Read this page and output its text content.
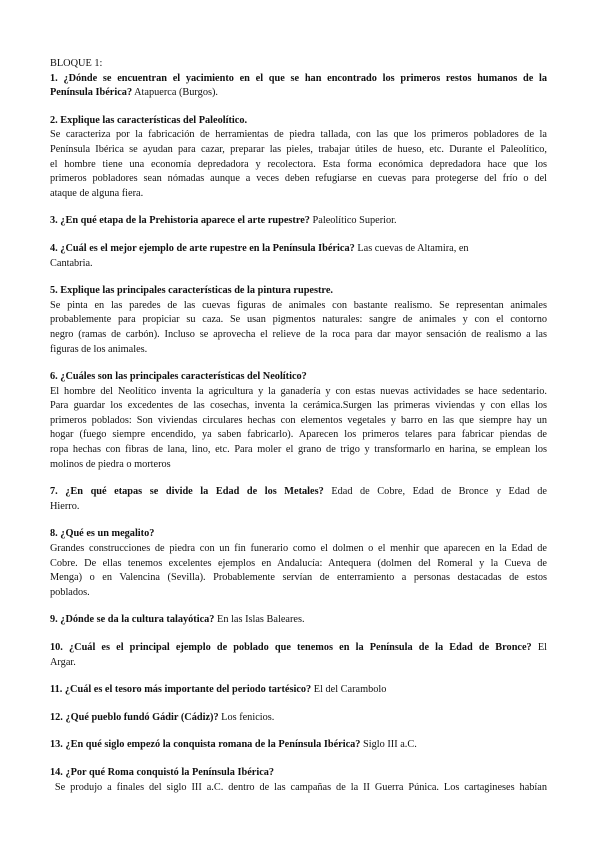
BLOQUE 1:
1. ¿Dónde se encuentran el yacimiento en el que se han encontrado los primeros restos humanos de la
Península Ibérica? Atapuerca (Burgos).
2. Explique las características del Paleolítico.
Se caracteriza por la fabricación de herramientas de piedra tallada, con las que los primeros pobladores de la
Península Ibérica se ayudan para cazar, preparar las pieles, trabajar útiles de hueso, etc. Durante el Paleolítico,
el hombre tiene una economía depredadora y recolectora. Esta forma económica depredadora hace que los
primeros pobladores sean nómadas aunque a veces deben refugiarse en cuevas para protegerse del frío o del
ataque de alguna fiera.
3. ¿En qué etapa de la Prehistoria aparece el arte rupestre? Paleolítico Superior.
4. ¿Cuál es el mejor ejemplo de arte rupestre en la Península Ibérica? Las cuevas de Altamira, en
Cantabria.
5. Explique las principales características de la pintura rupestre.
Se pinta en las paredes de las cuevas figuras de animales con bastante realismo. Se representan animales
probablemente para propiciar su caza. Se usan pigmentos naturales: sangre de animales y con el contorno
negro (ramas de carbón). Incluso se aprovecha el relieve de la roca para dar mayor sensación de realismo a las
figuras de los animales.
6. ¿Cuáles son las principales características del Neolítico?
El hombre del Neolítico inventa la agricultura y la ganadería y con estas nuevas actividades se hace sedentario.
Para guardar los excedentes de las cosechas, inventa la cerámica.Surgen las primeras viviendas y con ellas los
primeros poblados: Son viviendas circulares hechas con elementos vegetales y barro en las que siempre hay un
hogar (fuego siempre encendido, ya saben fabricarlo). Aparecen los primeros telares para fabricar piendas de
ropa hechas con fibras de lana, lino, etc. Para moler el grano de trigo y transformarlo en harina, se emplean los
molinos de piedra o morteros
7. ¿En qué etapas se divide la Edad de los Metales? Edad de Cobre, Edad de Bronce y Edad de
Hierro.
8. ¿Qué es un megalito?
Grandes construcciones de piedra con un fin funerario como el dolmen o el menhir que aparecen en la Edad de
Cobre. De ellas tenemos excelentes ejemplos en Andalucía: Antequera (dolmen del Romeral y la Cueva de
Menga) o en Valencina (Sevilla). Probablemente servían de enterramiento a personas destacadas de estos
poblados.
9. ¿Dónde se da la cultura talayótica? En las Islas Baleares.
10. ¿Cuál es el principal ejemplo de poblado que tenemos en la Península de la Edad de Bronce? El
Argar.
11. ¿Cuál es el tesoro más importante del periodo tartésico? El del Carambolo
12. ¿Qué pueblo fundó Gádir (Cádiz)? Los fenicios.
13. ¿En qué siglo empezó la conquista romana de la Península Ibérica? Siglo III a.C.
14. ¿Por qué Roma conquistó la Península Ibérica?
Se produjo a finales del siglo III a.C. dentro de las campañas de la II Guerra Púnica. Los cartagineses habían
